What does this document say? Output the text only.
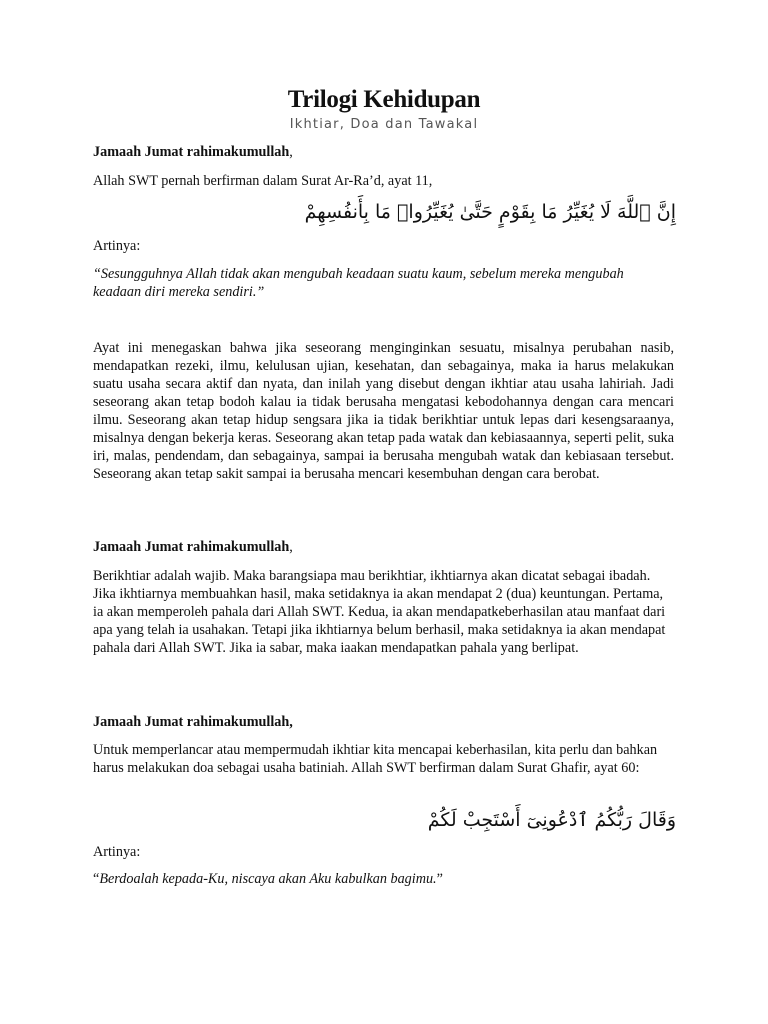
Trilogi Kehidupan
Ikhtiar, Doa dan Tawakal

Jamaah Jumat rahimakumullah,

Allah SWT pernah berfirman dalam Surat Ar-Ra’d, ayat 11,

إِنَّ ٱللَّهَ لَا يُغَيِّرُ مَا بِقَوْمٍ حَتَّىٰ يُغَيِّرُوا۟ مَا بِأَنفُسِهِمْ

Artinya:

“Sesungguhnya Allah tidak akan mengubah keadaan suatu kaum, sebelum mereka mengubah keadaan diri mereka sendiri.”

Ayat ini menegaskan bahwa jika seseorang menginginkan sesuatu, misalnya perubahan nasib, mendapatkan rezeki, ilmu, kelulusan ujian, kesehatan, dan sebagainya, maka ia harus melakukan suatu usaha secara aktif dan nyata, dan inilah yang disebut dengan ikhtiar atau usaha lahiriah. Jadi seseorang akan tetap bodoh kalau ia tidak berusaha mengatasi kebodohannya dengan cara mencari ilmu. Seseorang akan tetap hidup sengsara jika ia tidak berikhtiar untuk lepas dari kesengsaraanya, misalnya dengan bekerja keras. Seseorang akan tetap pada watak dan kebiasaannya, seperti pelit, suka iri, malas, pendendam, dan sebagainya, sampai ia berusaha mengubah watak dan kebiasaan tersebut. Seseorang akan tetap sakit sampai ia berusaha mencari kesembuhan dengan cara berobat.

Jamaah Jumat rahimakumullah,

Berikhtiar adalah wajib. Maka barangsiapa mau berikhtiar, ikhtiarnya akan dicatat sebagai ibadah. Jika ikhtiarnya membuahkan hasil, maka setidaknya ia akan mendapat 2 (dua) keuntungan. Pertama, ia akan memperoleh pahala dari Allah SWT. Kedua, ia akan mendapatkeberhasilan atau manfaat dari apa yang telah ia usahakan. Tetapi jika ikhtiarnya belum berhasil, maka setidaknya ia akan mendapat pahala dari Allah SWT. Jika ia sabar, maka iaakan mendapatkan pahala yang berlipat.

Jamaah Jumat rahimakumullah,

Untuk memperlancar atau mempermudah ikhtiar kita mencapai keberhasilan, kita perlu dan bahkan harus melakukan doa sebagai usaha batiniah. Allah SWT berfirman dalam Surat Ghafir, ayat 60:

وَقَالَ رَبُّكُمُ ٱدْعُونِىٓ أَسْتَجِبْ لَكُمْ

Artinya:

“Berdoalah kepada-Ku, niscaya akan Aku kabulkan bagimu.”
